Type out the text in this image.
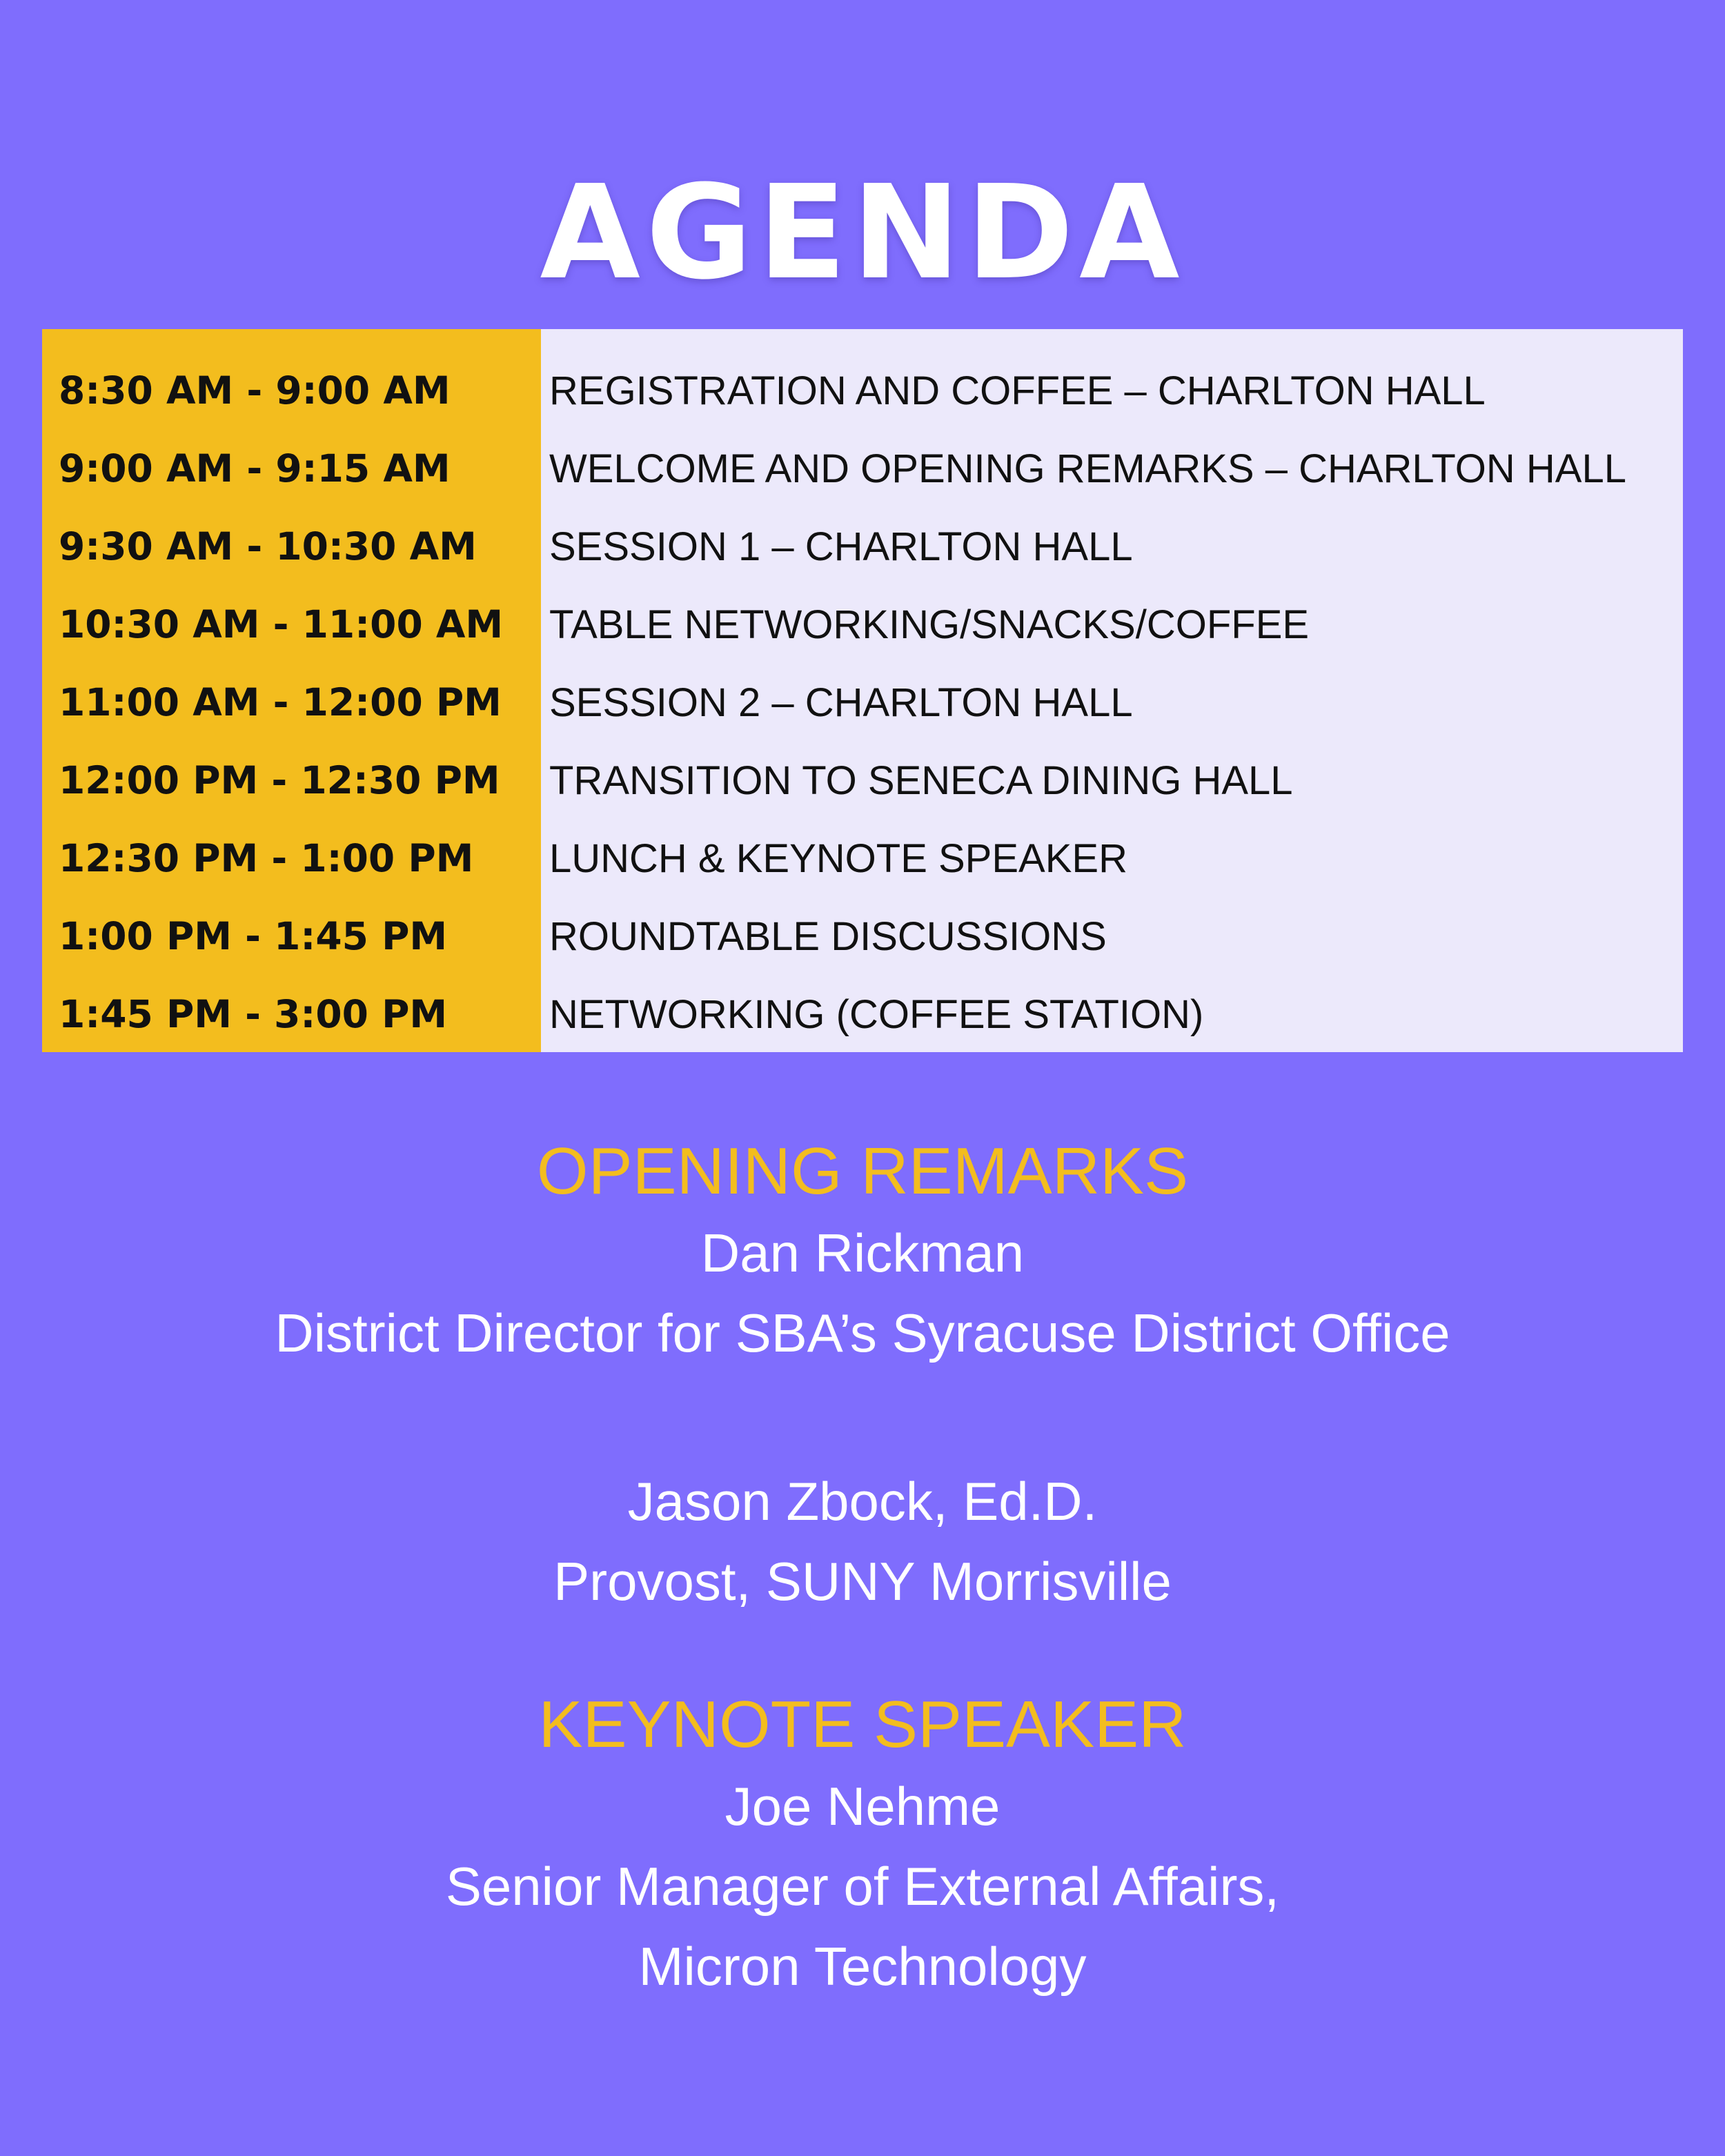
AGENDA
8:30 AM - 9:00 AM
9:00 AM - 9:15 AM
9:30 AM - 10:30 AM
10:30 AM - 11:00 AM
11:00 AM - 12:00 PM
12:00 PM - 12:30 PM
12:30 PM - 1:00 PM
1:00 PM - 1:45 PM
1:45 PM - 3:00 PM
REGISTRATION AND COFFEE – CHARLTON HALL
WELCOME AND OPENING REMARKS – CHARLTON HALL
SESSION 1 – CHARLTON HALL
TABLE NETWORKING/SNACKS/COFFEE
SESSION 2 – CHARLTON HALL
TRANSITION TO SENECA DINING HALL
LUNCH & KEYNOTE SPEAKER
ROUNDTABLE DISCUSSIONS
NETWORKING (COFFEE STATION)
OPENING REMARKS
Dan Rickman
District Director for SBA’s Syracuse District Office
Jason Zbock, Ed.D.
Provost, SUNY Morrisville
KEYNOTE SPEAKER
Joe Nehme
Senior Manager of External Affairs,
Micron Technology
